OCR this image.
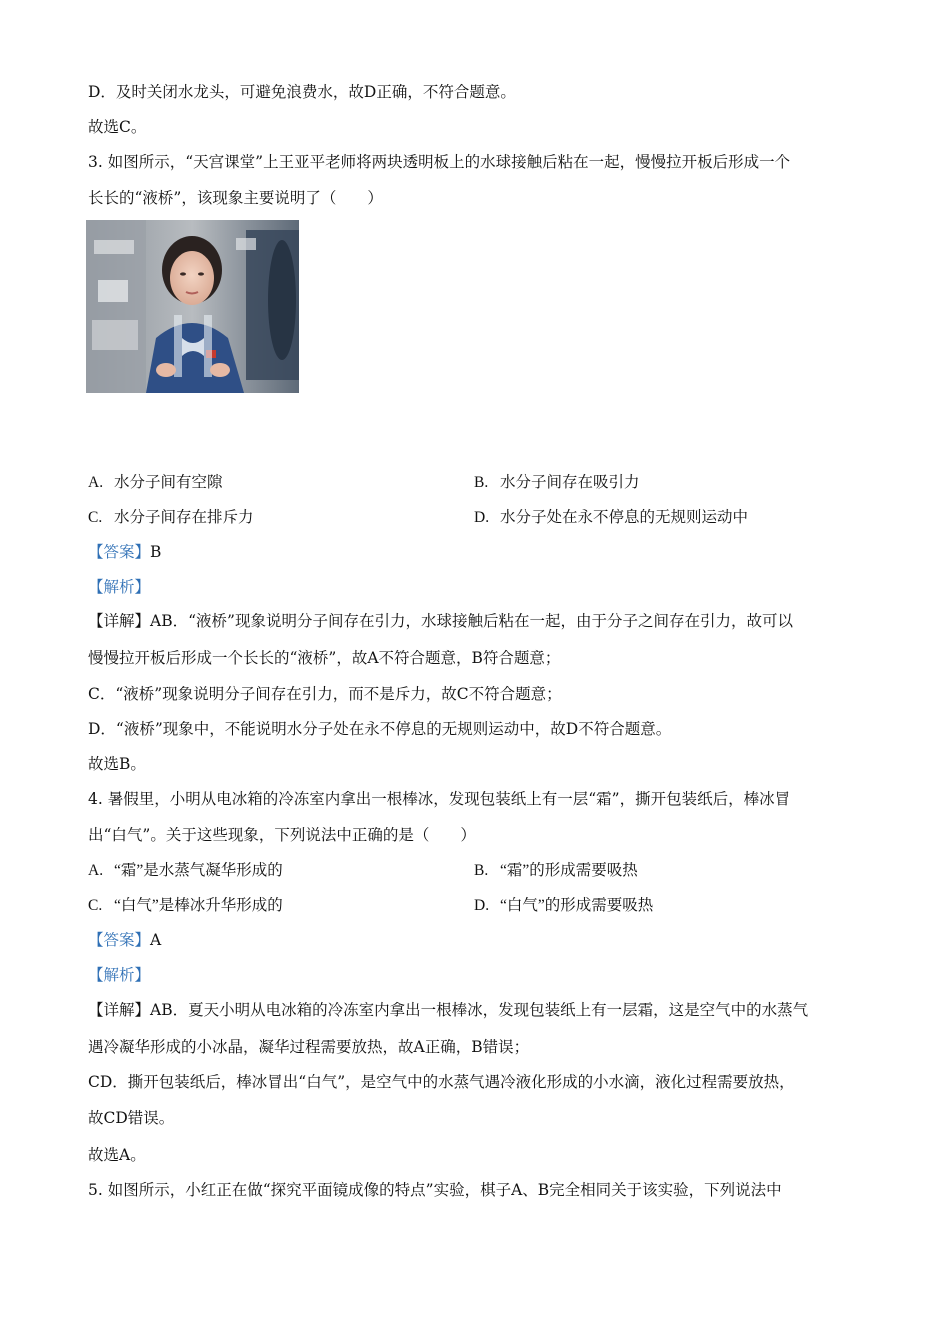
D．及时关闭水龙头，可避免浪费水，故D正确，不符合题意。
故选C。
3. 如图所示，“天宫课堂”上王亚平老师将两块透明板上的水球接触后粘在一起，慢慢拉开板后形成一个
长长的“液桥”，该现象主要说明了（　　）
A. 水分子间有空隙	B. 水分子间存在吸引力
C. 水分子间存在排斥力	D. 水分子处在永不停息的无规则运动中
【答案】B
【解析】
【详解】AB．“液桥”现象说明分子间存在引力，水球接触后粘在一起，由于分子之间存在引力，故可以
慢慢拉开板后形成一个长长的“液桥”，故A不符合题意，B符合题意；
C．“液桥”现象说明分子间存在引力，而不是斥力，故C不符合题意；
D．“液桥”现象中，不能说明水分子处在永不停息的无规则运动中，故D不符合题意。
故选B。
4. 暑假里，小明从电冰箱的冷冻室内拿出一根棒冰，发现包装纸上有一层“霜”，撕开包装纸后，棒冰冒
出“白气”。关于这些现象，下列说法中正确的是（　　）
A. “霜”是水蒸气凝华形成的	B. “霜”的形成需要吸热
C. “白气”是棒冰升华形成的	D. “白气”的形成需要吸热
【答案】A
【解析】
【详解】AB．夏天小明从电冰箱的冷冻室内拿出一根棒冰，发现包装纸上有一层霜，这是空气中的水蒸气
遇冷凝华形成的小冰晶，凝华过程需要放热，故A正确，B错误；
CD．撕开包装纸后，棒冰冒出“白气”，是空气中的水蒸气遇冷液化形成的小水滴，液化过程需要放热，
故CD错误。
故选A。
5. 如图所示，小红正在做“探究平面镜成像的特点”实验，棋子A、B完全相同关于该实验，下列说法中
